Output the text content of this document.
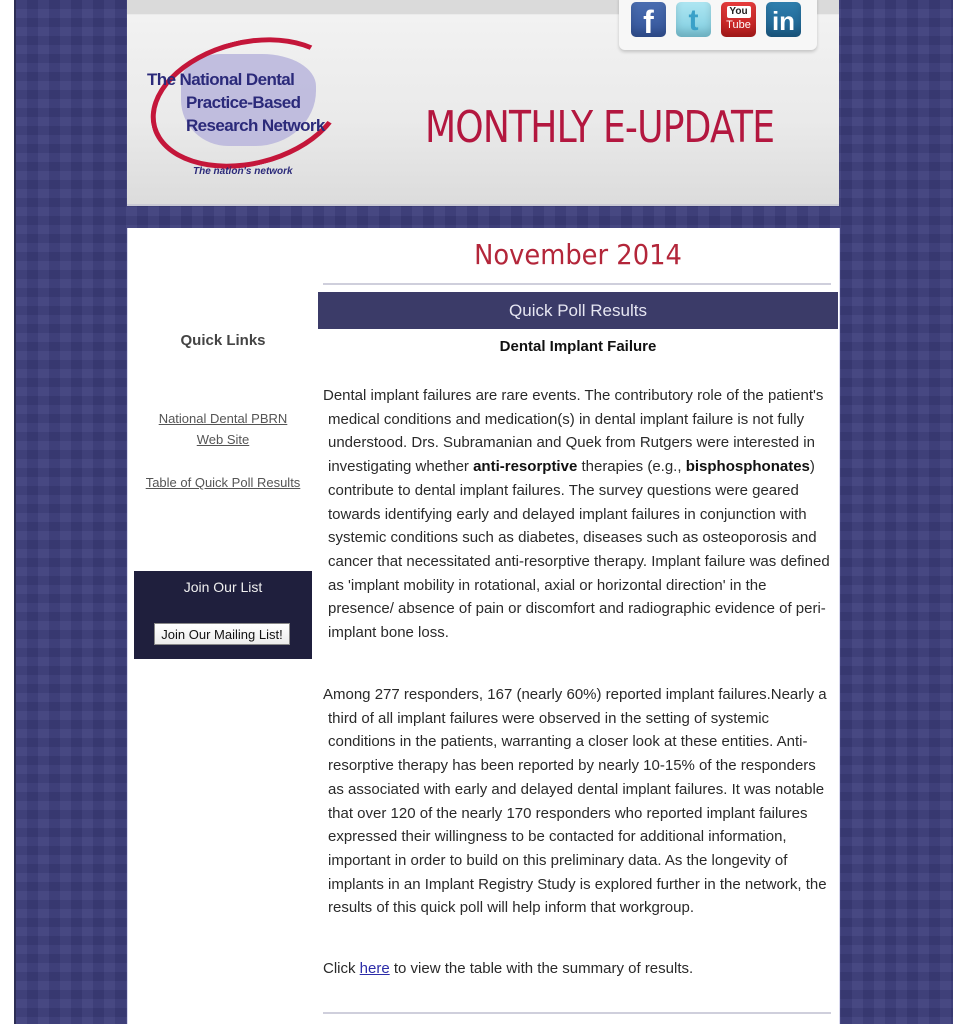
f	t	You
Tube in
The National Dental
Practice-Based
Research Network
The nation's network
MONTHLY E-UPDATE
Quick Links
National Dental PBRN
Web Site
Table of Quick Poll Results
Join Our List
Join Our Mailing List!
November 2014
Quick Poll Results
Dental Implant Failure
Dental implant failures are rare events. The contributory role of the patient's medical conditions and medication(s) in dental implant failure is not fully understood. Drs. Subramanian and Quek from Rutgers were interested in investigating whether anti-resorptive therapies (e.g., bisphosphonates) contribute to dental implant failures. The survey questions were geared towards identifying early and delayed implant failures in conjunction with systemic conditions such as diabetes, diseases such as osteoporosis and cancer that necessitated anti-resorptive therapy. Implant failure was defined as 'implant mobility in rotational, axial or horizontal direction' in the presence/ absence of pain or discomfort and radiographic evidence of peri-implant bone loss.
Among 277 responders, 167 (nearly 60%) reported implant failures.Nearly a third of all implant failures were observed in the setting of systemic conditions in the patients, warranting a closer look at these entities. Anti-resorptive therapy has been reported by nearly 10-15% of the responders as associated with early and delayed dental implant failures. It was notable that over 120 of the nearly 170 responders who reported implant failures expressed their willingness to be contacted for additional information, important in order to build on this preliminary data. As the longevity of implants in an Implant Registry Study is explored further in the network, the results of this quick poll will help inform that workgroup.
Click here to view the table with the summary of results.
